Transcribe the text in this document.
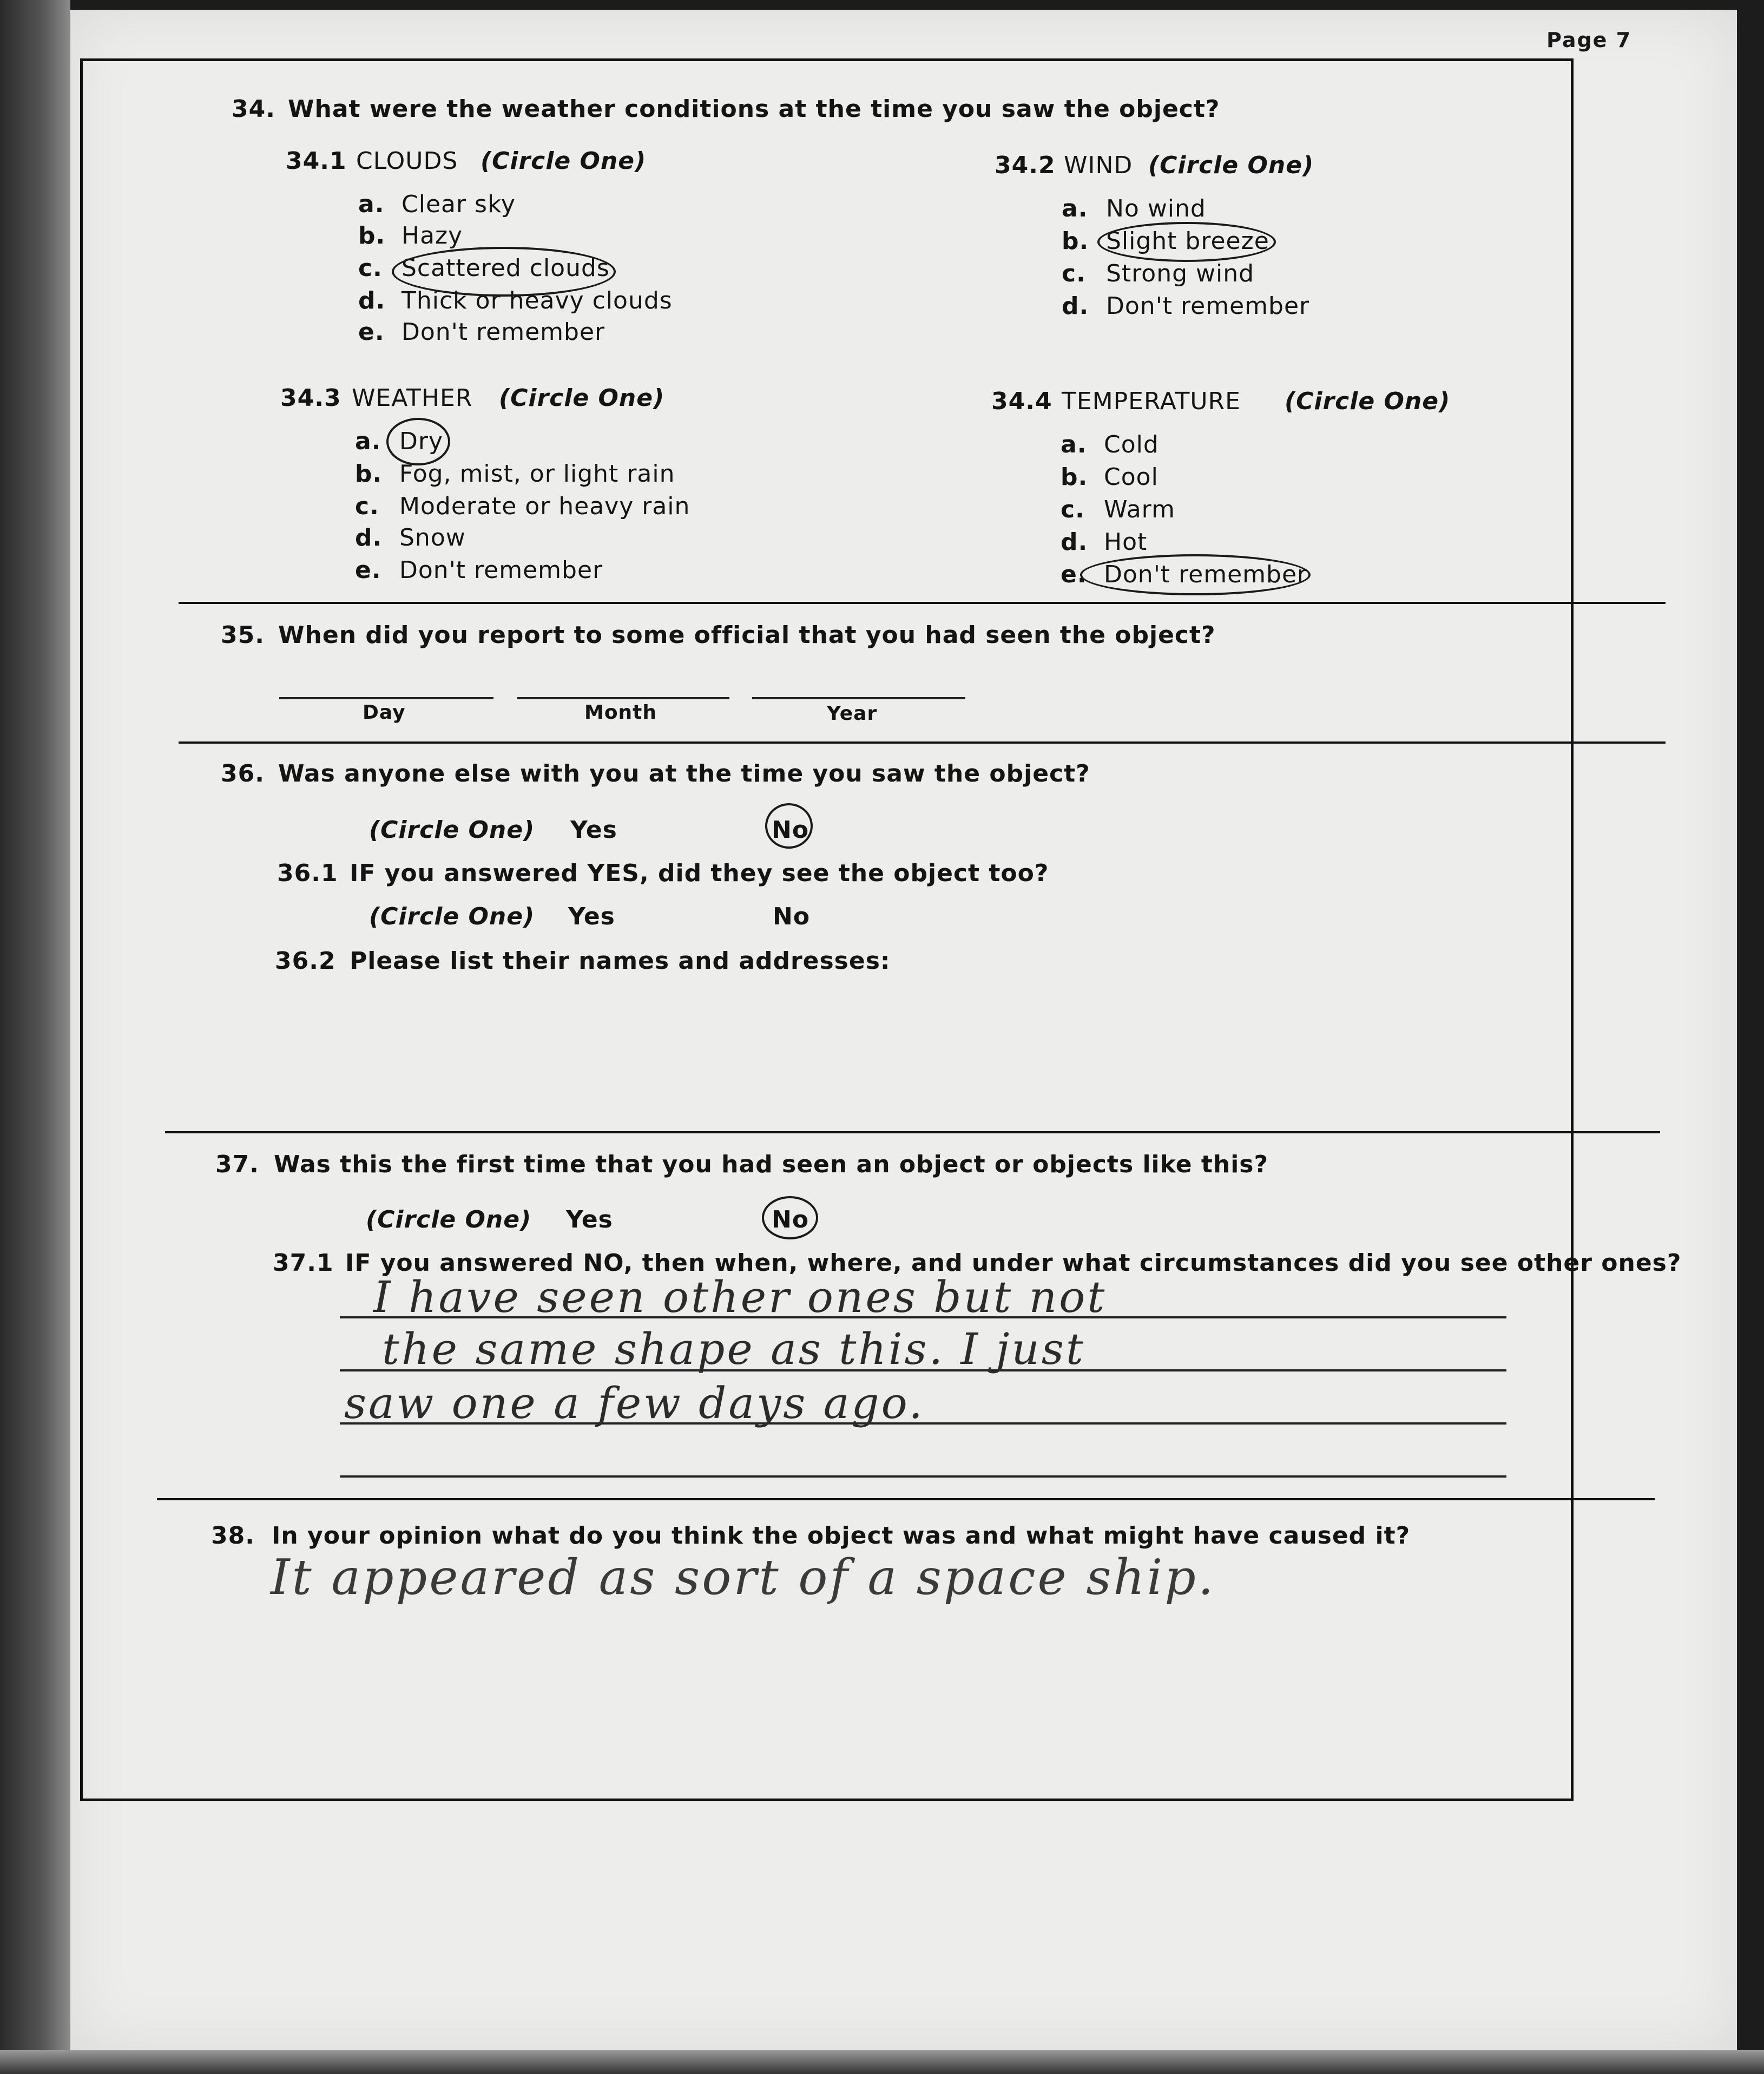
Page 7
34. What were the weather conditions at the time you saw the object?
34.1 CLOUDS (Circle One)
a. Clear sky
b. Hazy
c. Scattered clouds
d. Thick or heavy clouds
e. Don't remember
34.2 WIND (Circle One)
a. No wind
b. Slight breeze
c. Strong wind
d. Don't remember
34.3 WEATHER (Circle One)
a. Dry
b. Fog, mist, or light rain
c. Moderate or heavy rain
d. Snow
e. Don't remember
34.4 TEMPERATURE (Circle One)
a. Cold
b. Cool
c. Warm
d. Hot
e. Don't remember
35. When did you report to some official that you had seen the object?
Day	Month	Year
36. Was anyone else with you at the time you saw the object?
(Circle One) Yes	No
36.1 IF you answered YES, did they see the object too?
(Circle One) Yes	No
36.2 Please list their names and addresses:
37. Was this the first time that you had seen an object or objects like this?
(Circle One) Yes	No
37.1 IF you answered NO, then when, where, and under what circumstances did you see other ones?
I have seen other ones but not
the same shape as this. I just
saw one a few days ago.
38. In your opinion what do you think the object was and what might have caused it?
It appeared as sort of a space ship.
